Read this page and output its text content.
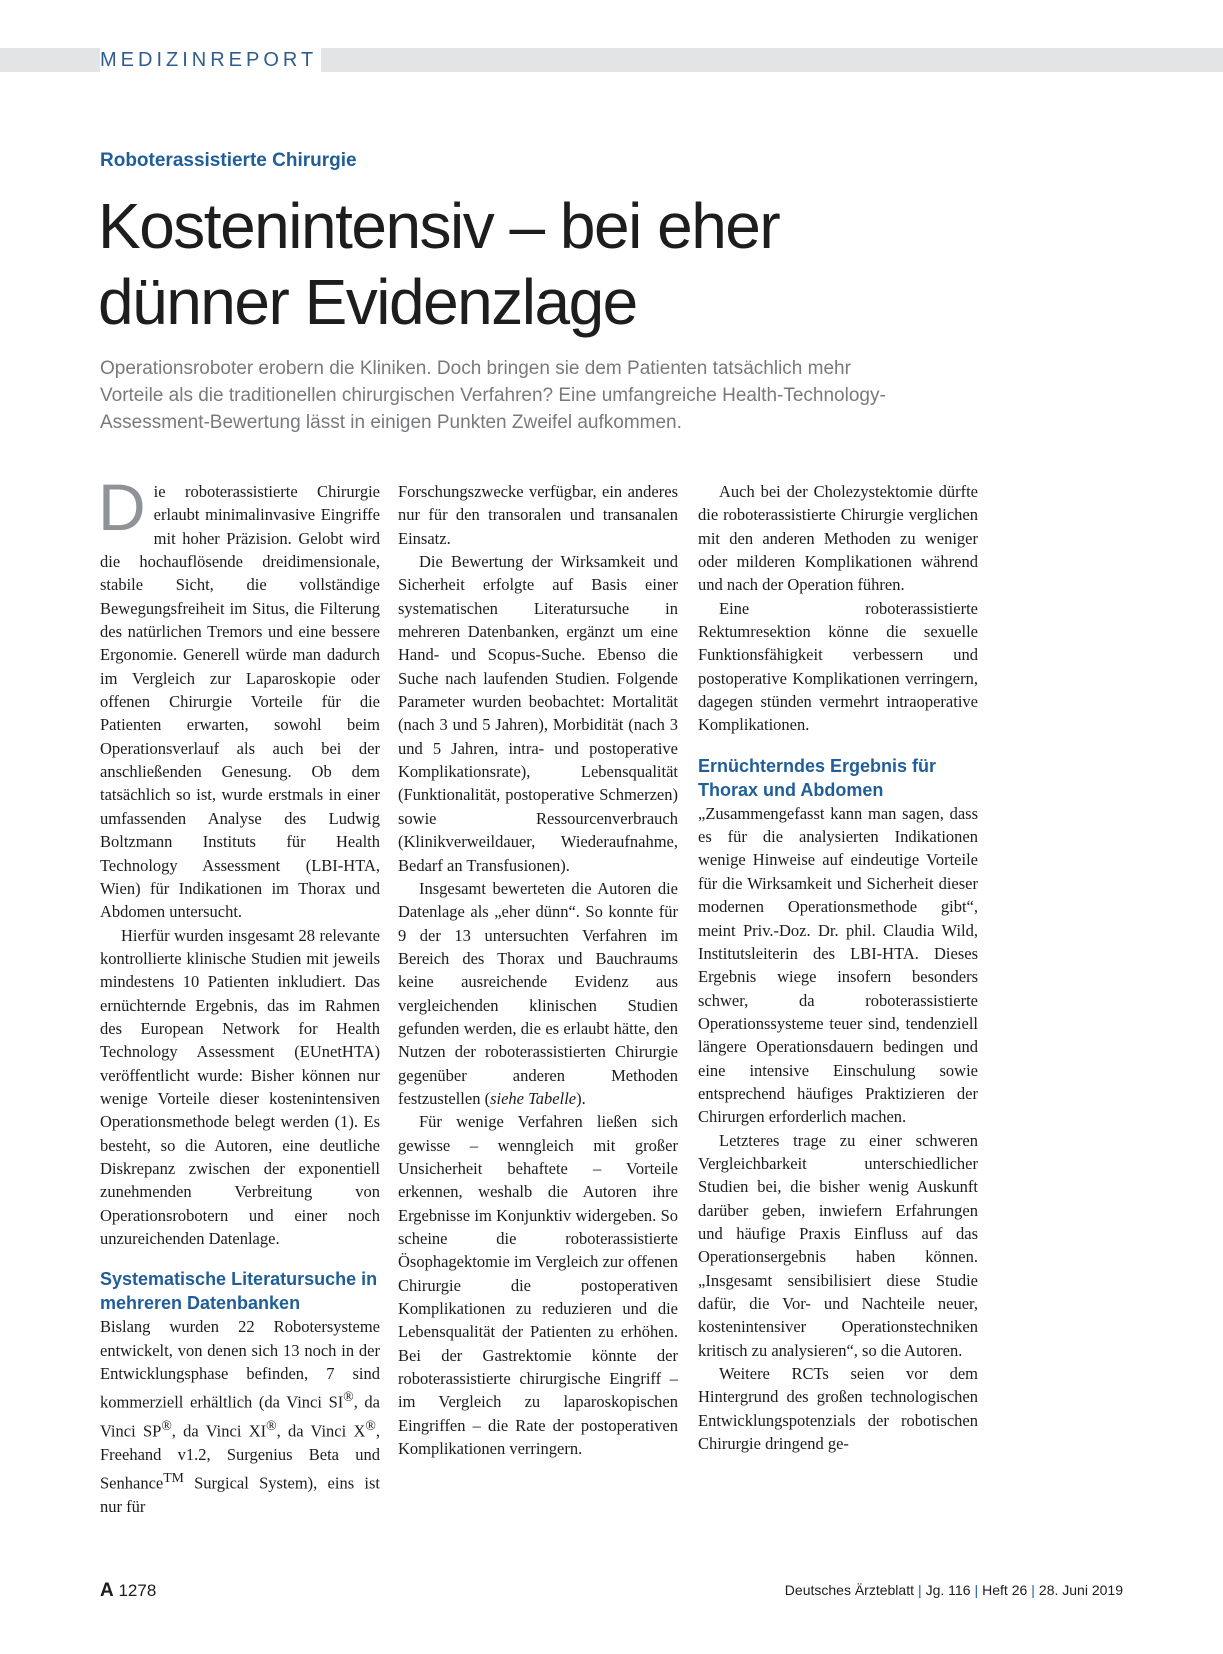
MEDIZINREPORT
Roboterassistierte Chirurgie
Kostenintensiv – bei eher
dünner Evidenzlage
Operationsroboter erobern die Kliniken. Doch bringen sie dem Patienten tatsächlich mehr
Vorteile als die traditionellen chirurgischen Verfahren? Eine umfangreiche Health-Technology-
Assessment-Bewertung lässt in einigen Punkten Zweifel aufkommen.

Die roboterassistierte Chirurgie erlaubt minimalinvasive Eingriffe mit hoher Präzision. Gelobt wird die hochauflösende dreidimensionale, stabile Sicht, die vollständige Bewegungsfreiheit im Situs, die Filterung des natürlichen Tremors und eine bessere Ergonomie. Generell würde man dadurch im Vergleich zur Laparoskopie oder offenen Chirurgie Vorteile für die Patienten erwarten, sowohl beim Operationsverlauf als auch bei der anschließenden Genesung. Ob dem tatsächlich so ist, wurde erstmals in einer umfassenden Analyse des Ludwig Boltzmann Instituts für Health Technology Assessment (LBI-HTA, Wien) für Indikationen im Thorax und Abdomen untersucht.

Hierfür wurden insgesamt 28 relevante kontrollierte klinische Studien mit jeweils mindestens 10 Patienten inkludiert. Das ernüchternde Ergebnis, das im Rahmen des European Network for Health Technology Assessment (EUnetHTA) veröffentlicht wurde: Bisher können nur wenige Vorteile dieser kostenintensiven Operationsmethode belegt werden (1). Es besteht, so die Autoren, eine deutliche Diskrepanz zwischen der exponentiell zunehmenden Verbreitung von Operationsrobotern und einer noch unzureichenden Datenlage.

Systematische Literatursuche in
mehreren Datenbanken

Bislang wurden 22 Robotersysteme entwickelt, von denen sich 13 noch in der Entwicklungsphase befinden, 7 sind kommerziell erhältlich (da Vinci SI®, da Vinci SP®, da Vinci XI®, da Vinci X®, Freehand v1.2, Surgenius Beta und Senhance™ Surgical System), eins ist nur für

Forschungszwecke verfügbar, ein anderes nur für den transoralen und transanalen Einsatz.

Die Bewertung der Wirksamkeit und Sicherheit erfolgte auf Basis einer systematischen Literatursuche in mehreren Datenbanken, ergänzt um eine Hand- und Scopus-Suche. Ebenso die Suche nach laufenden Studien. Folgende Parameter wurden beobachtet: Mortalität (nach 3 und 5 Jahren), Morbidität (nach 3 und 5 Jahren, intra- und postoperative Komplikationsrate), Lebensqualität (Funktionalität, postoperative Schmerzen) sowie Ressourcenverbrauch (Klinikverweildauer, Wiederaufnahme, Bedarf an Transfusionen).

Insgesamt bewerteten die Autoren die Datenlage als „eher dünn“. So konnte für 9 der 13 untersuchten Verfahren im Bereich des Thorax und Bauchraums keine ausreichende Evidenz aus vergleichenden klinischen Studien gefunden werden, die es erlaubt hätte, den Nutzen der roboterassistierten Chirurgie gegenüber anderen Methoden festzustellen (siehe Tabelle).

Für wenige Verfahren ließen sich gewisse – wenngleich mit großer Unsicherheit behaftete – Vorteile erkennen, weshalb die Autoren ihre Ergebnisse im Konjunktiv widergeben. So scheine die roboterassistierte Ösophagektomie im Vergleich zur offenen Chirurgie die postoperativen Komplikationen zu reduzieren und die Lebensqualität der Patienten zu erhöhen. Bei der Gastrektomie könnte der roboterassistierte chirurgische Eingriff – im Vergleich zu laparoskopischen Eingriffen – die Rate der postoperativen Komplikationen verringern.

Auch bei der Cholezystektomie dürfte die roboterassistierte Chirurgie verglichen mit den anderen Methoden zu weniger oder milderen Komplikationen während und nach der Operation führen.

Eine roboterassistierte Rektumresektion könne die sexuelle Funktionsfähigkeit verbessern und postoperative Komplikationen verringern, dagegen stünden vermehrt intraoperative Komplikationen.

Ernüchterndes Ergebnis für
Thorax und Abdomen

„Zusammengefasst kann man sagen, dass es für die analysierten Indikationen wenige Hinweise auf eindeutige Vorteile für die Wirksamkeit und Sicherheit dieser modernen Operationsmethode gibt“, meint Priv.-Doz. Dr. phil. Claudia Wild, Institutsleiterin des LBI-HTA. Dieses Ergebnis wiege insofern besonders schwer, da roboterassistierte Operationssysteme teuer sind, tendenziell längere Operationsdauern bedingen und eine intensive Einschulung sowie entsprechend häufiges Praktizieren der Chirurgen erforderlich machen.

Letzteres trage zu einer schweren Vergleichbarkeit unterschiedlicher Studien bei, die bisher wenig Auskunft darüber geben, inwiefern Erfahrungen und häufige Praxis Einfluss auf das Operationsergebnis haben können. „Insgesamt sensibilisiert diese Studie dafür, die Vor- und Nachteile neuer, kostenintensiver Operationstechniken kritisch zu analysieren“, so die Autoren.

Weitere RCTs seien vor dem Hintergrund des großen technologischen Entwicklungspotenzials der robotischen Chirurgie dringend ge-

A 1278	Deutsches Ärzteblatt | Jg. 116 | Heft 26 | 28. Juni 2019
